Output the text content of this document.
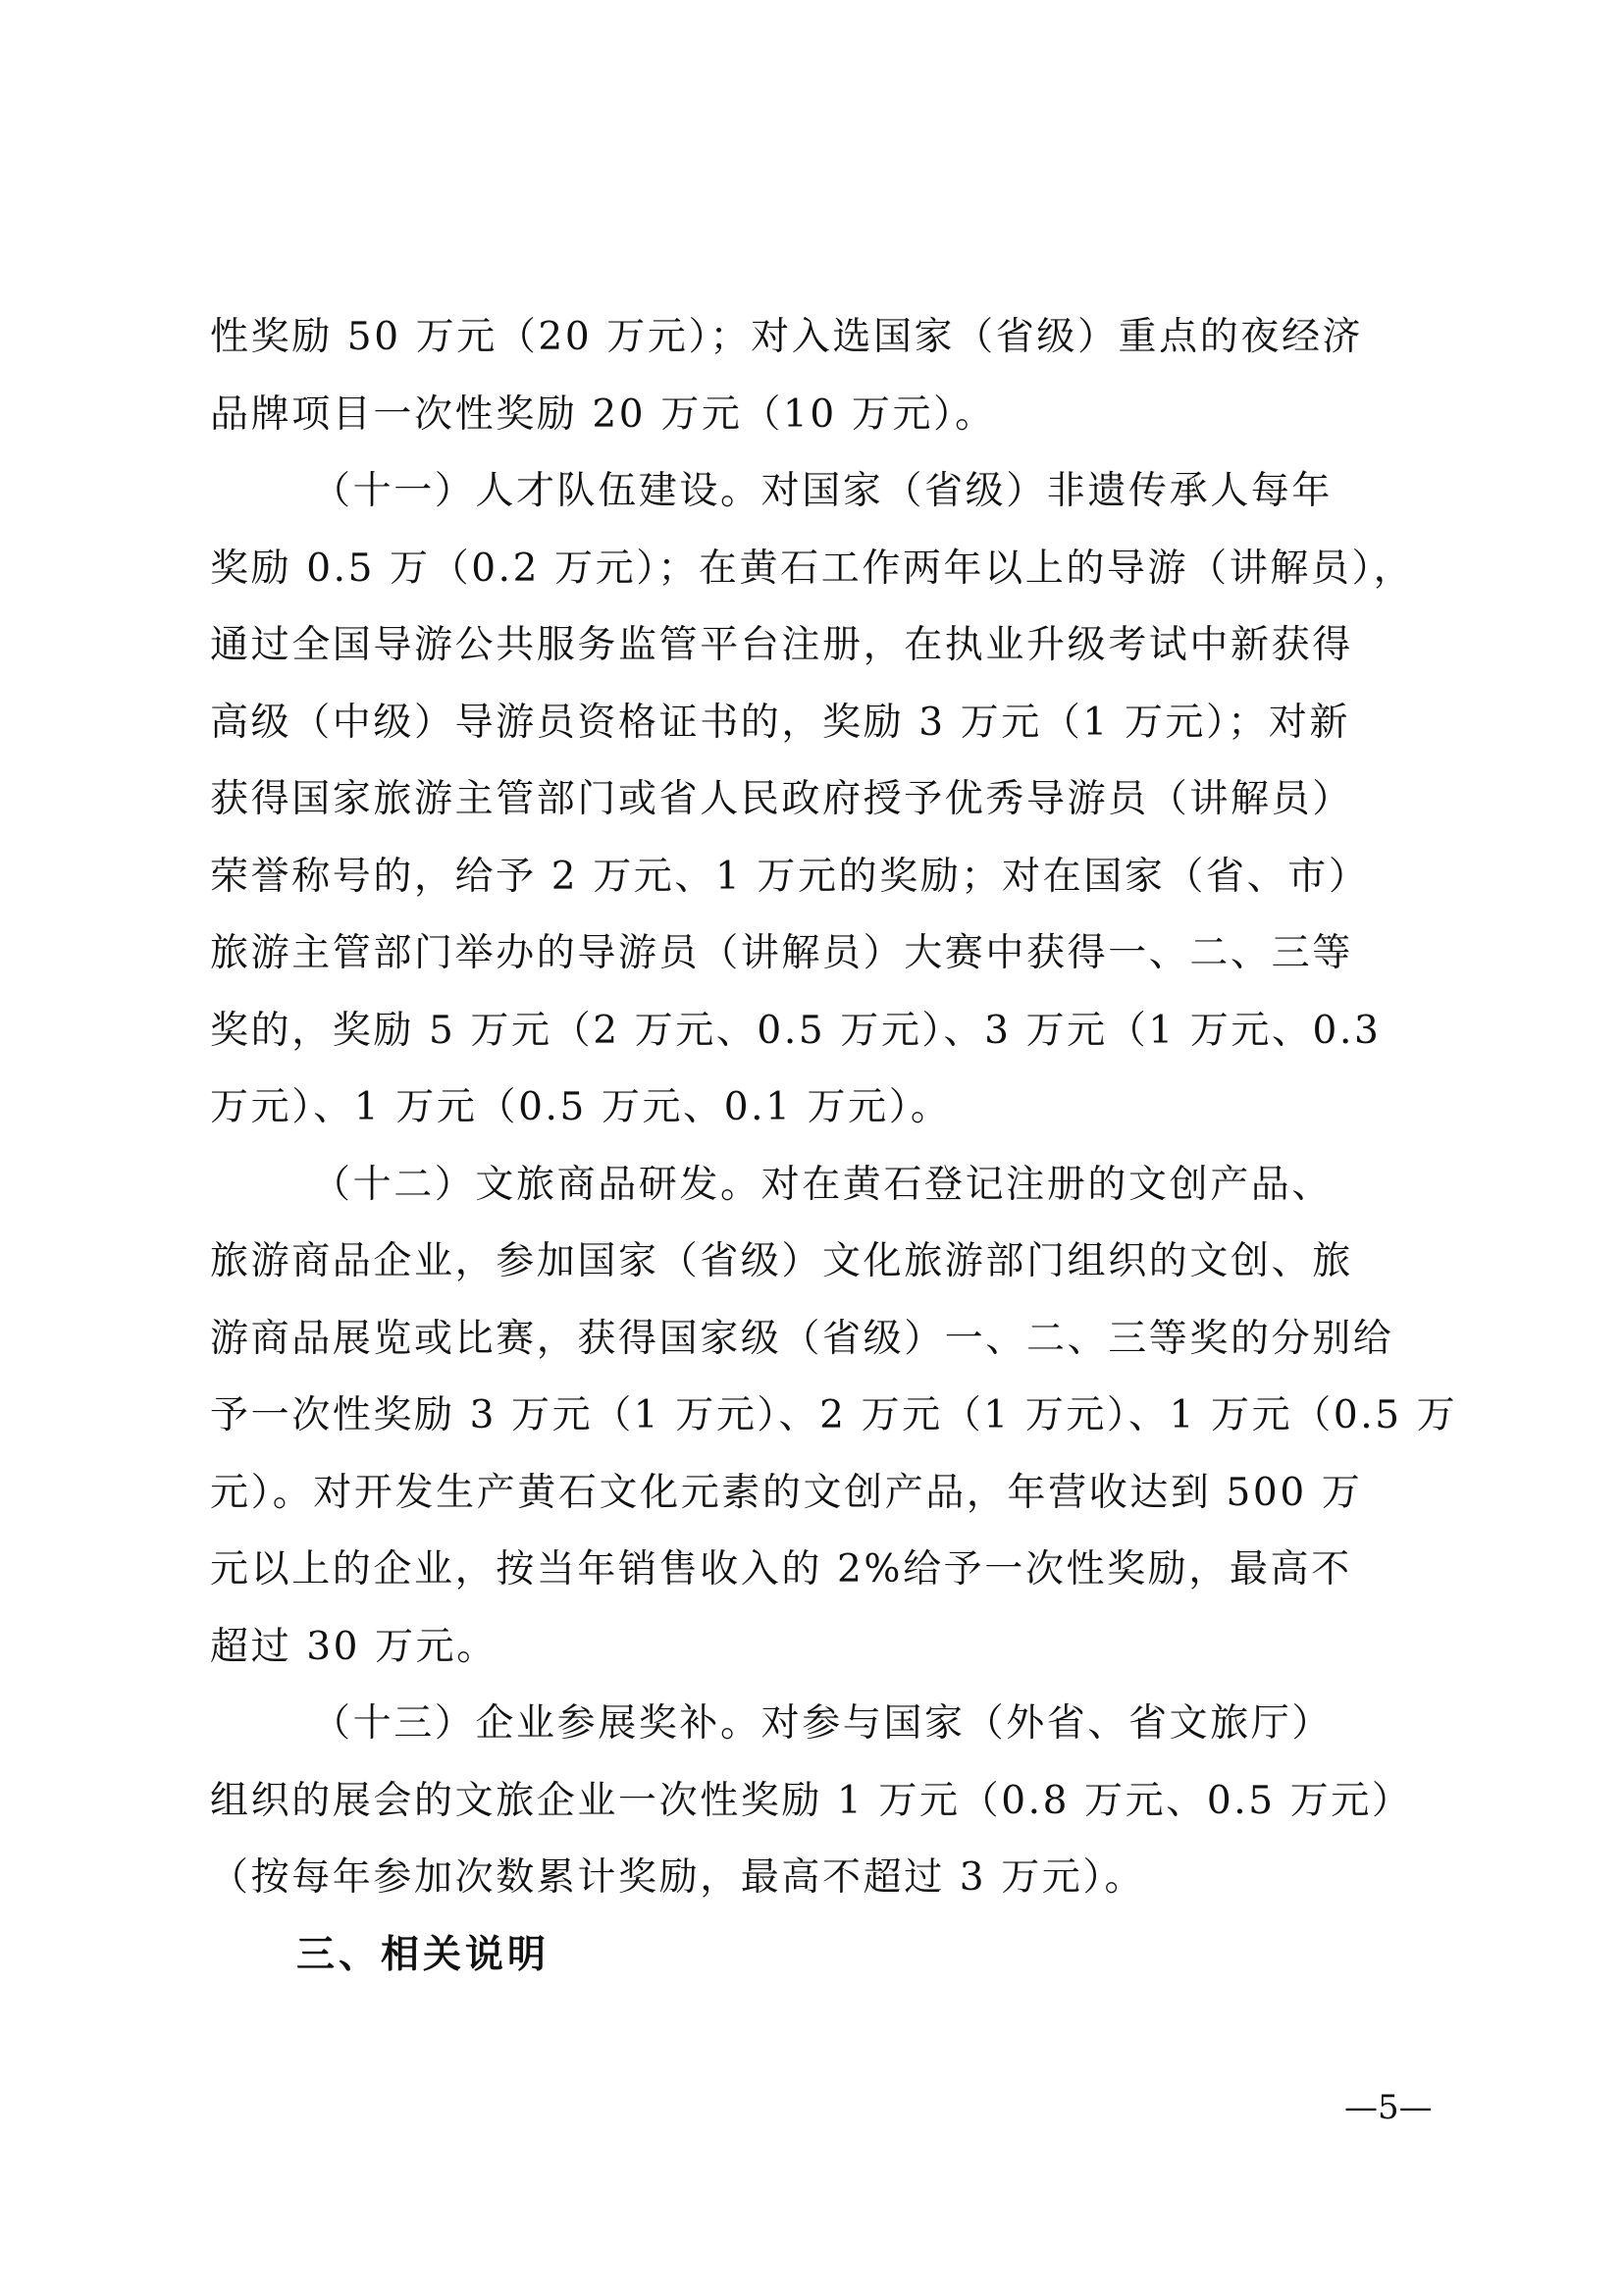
性奖励 50 万元（20 万元）；对入选国家（省级）重点的夜经济
品牌项目一次性奖励 20 万元（10 万元）。
（十一）人才队伍建设。对国家（省级）非遗传承人每年
奖励 0.5 万（0.2 万元）；在黄石工作两年以上的导游（讲解员），
通过全国导游公共服务监管平台注册，在执业升级考试中新获得
高级（中级）导游员资格证书的，奖励 3 万元（1 万元）；对新
获得国家旅游主管部门或省人民政府授予优秀导游员（讲解员）
荣誉称号的，给予 2 万元、1 万元的奖励；对在国家（省、市）
旅游主管部门举办的导游员（讲解员）大赛中获得一、二、三等
奖的，奖励 5 万元（2 万元、0.5 万元）、3 万元（1 万元、0.3
万元）、1 万元（0.5 万元、0.1 万元）。
（十二）文旅商品研发。对在黄石登记注册的文创产品、
旅游商品企业，参加国家（省级）文化旅游部门组织的文创、旅
游商品展览或比赛，获得国家级（省级）一、二、三等奖的分别给
予一次性奖励 3 万元（1 万元）、2 万元（1 万元）、1 万元（0.5 万
元）。对开发生产黄石文化元素的文创产品，年营收达到 500 万
元以上的企业，按当年销售收入的 2%给予一次性奖励，最高不
超过 30 万元。
（十三）企业参展奖补。对参与国家（外省、省文旅厅）
组织的展会的文旅企业一次性奖励 1 万元（0.8 万元、0.5 万元）
（按每年参加次数累计奖励，最高不超过 3 万元）。
三、相关说明
—5—
